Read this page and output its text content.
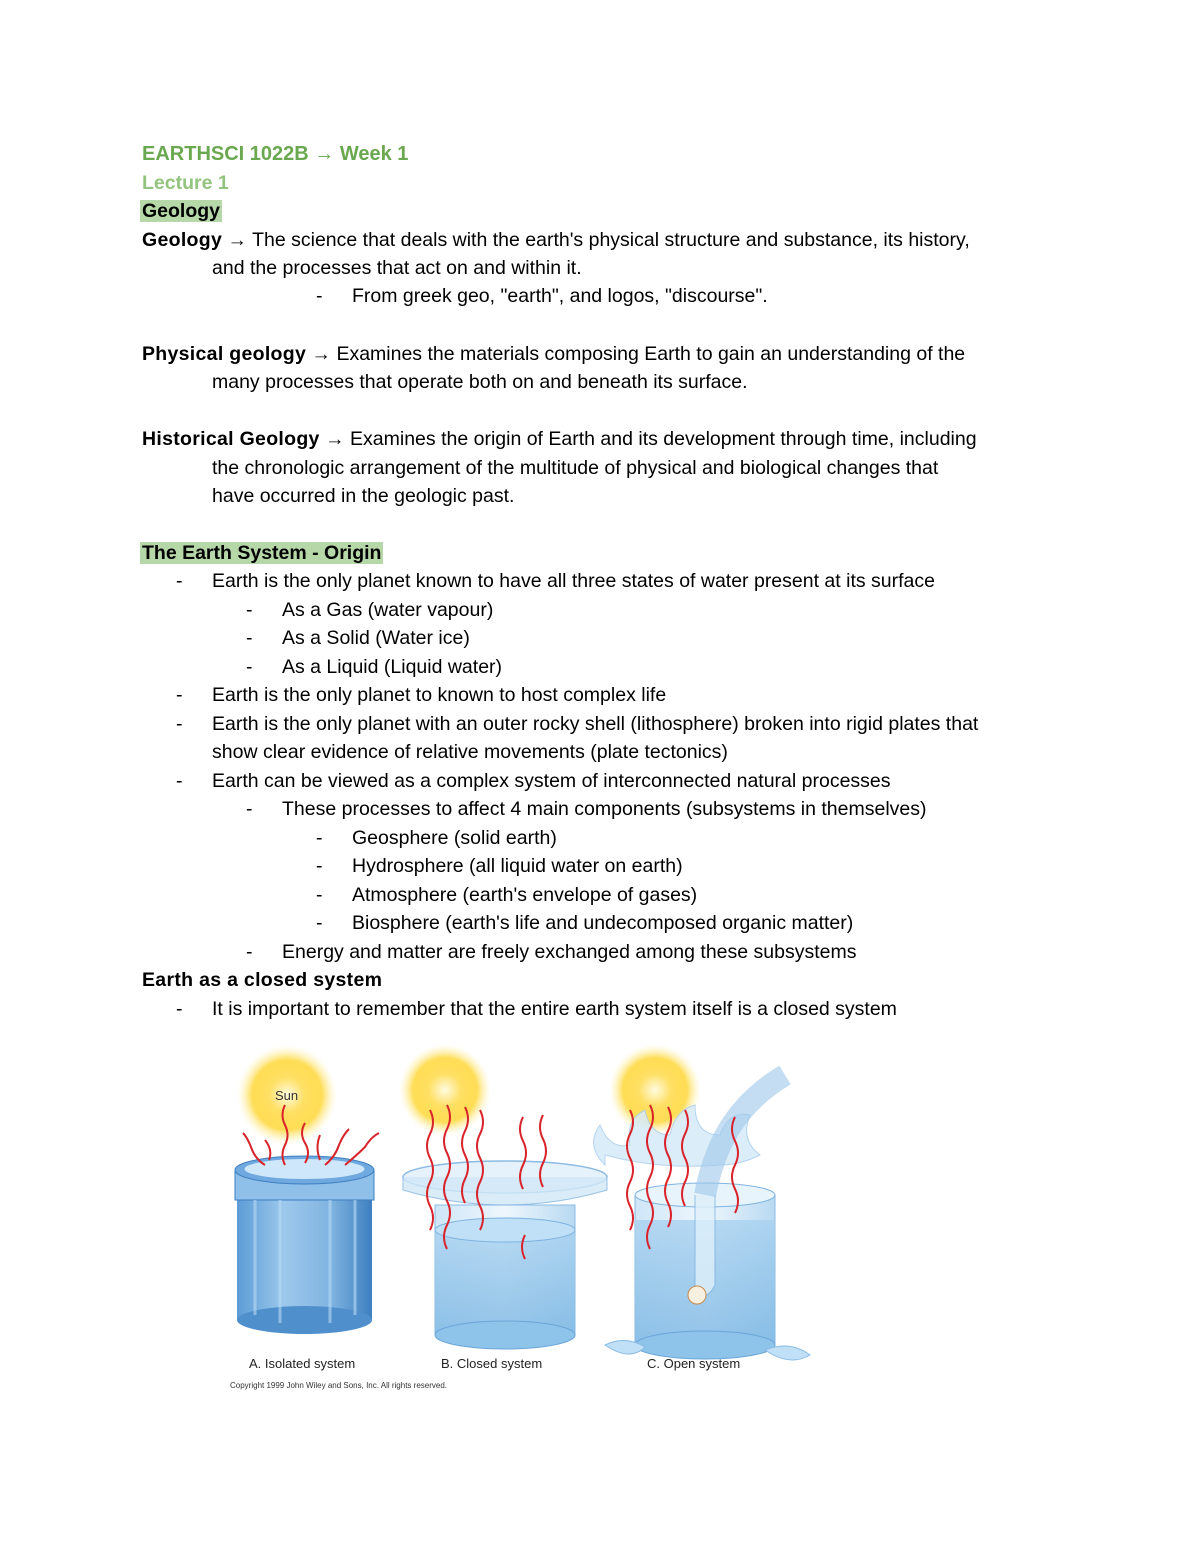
EARTHSCI 1022B → Week 1
Lecture 1
Geology
Geology → The science that deals with the earth's physical structure and substance, its history,
and the processes that act on and within it.
- From greek geo, "earth", and logos, "discourse".
Physical geology → Examines the materials composing Earth to gain an understanding of the
many processes that operate both on and beneath its surface.
Historical Geology → Examines the origin of Earth and its development through time, including
the chronologic arrangement of the multitude of physical and biological changes that
have occurred in the geologic past.
The Earth System - Origin
- Earth is the only planet known to have all three states of water present at its surface
- As a Gas (water vapour)
- As a Solid (Water ice)
- As a Liquid (Liquid water)
- Earth is the only planet to known to host complex life
- Earth is the only planet with an outer rocky shell (lithosphere) broken into rigid plates that
show clear evidence of relative movements (plate tectonics)
- Earth can be viewed as a complex system of interconnected natural processes
- These processes to affect 4 main components (subsystems in themselves)
- Geosphere (solid earth)
- Hydrosphere (all liquid water on earth)
- Atmosphere (earth's envelope of gases)
- Biosphere (earth's life and undecomposed organic matter)
- Energy and matter are freely exchanged among these subsystems
Earth as a closed system
- It is important to remember that the entire earth system itself is a closed system
Sun
A. Isolated system	B. Closed system	C. Open system
Copyright 1999 John Wiley and Sons, Inc. All rights reserved.
